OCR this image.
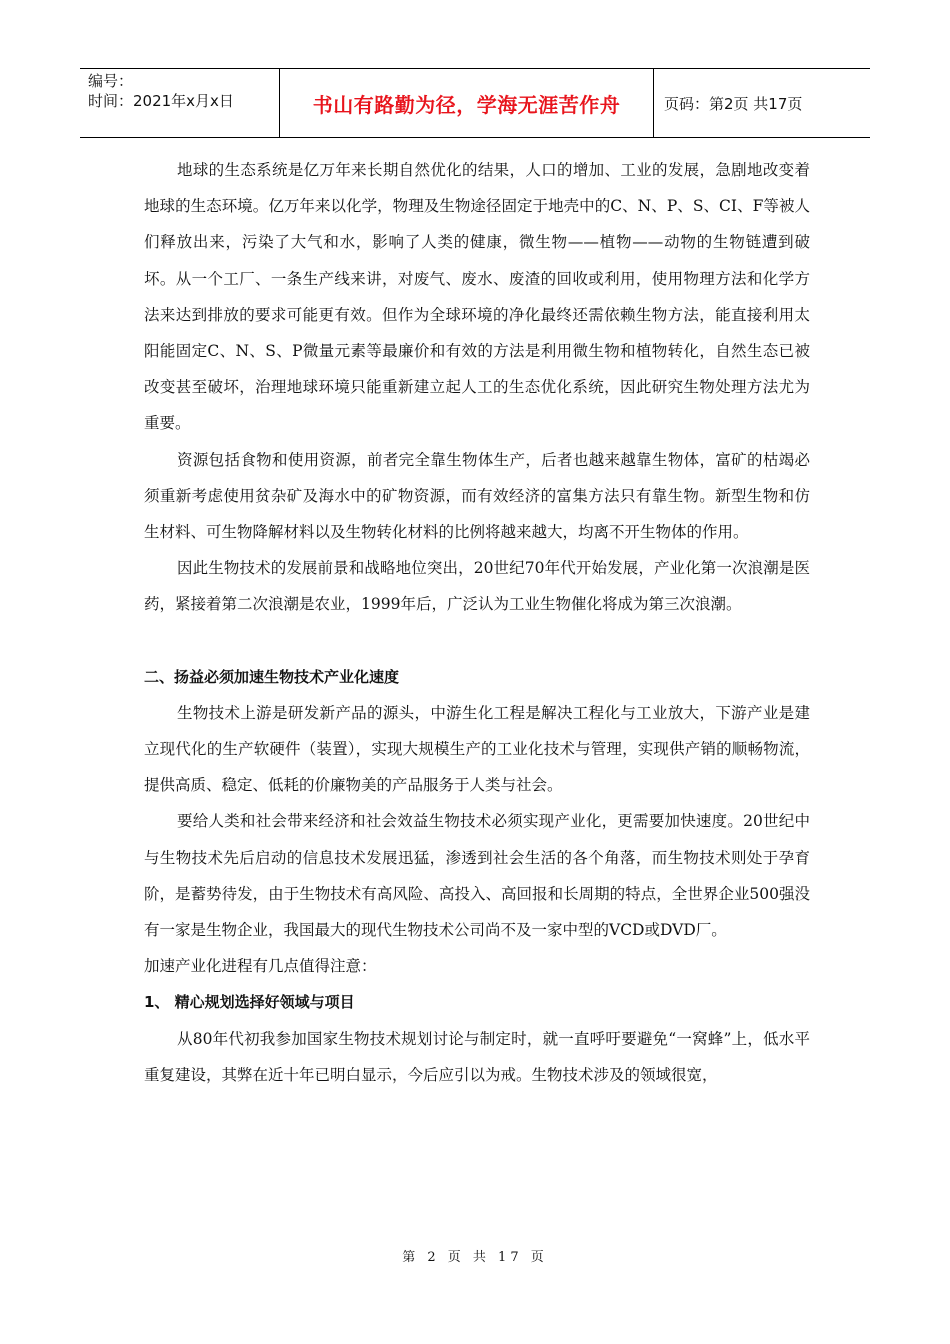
编号：
时间：2021年x月x日	书山有路勤为径，学海无涯苦作舟	页码：第2页 共17页

地球的生态系统是亿万年来长期自然优化的结果，人口的增加、工业的发展，急剧地改变着地球的生态环境。亿万年来以化学，物理及生物途径固定于地壳中的C、N、P、S、CI、F等被人们释放出来，污染了大气和水，影响了人类的健康，微生物——植物——动物的生物链遭到破坏。从一个工厂、一条生产线来讲，对废气、废水、废渣的回收或利用，使用物理方法和化学方法来达到排放的要求可能更有效。但作为全球环境的净化最终还需依赖生物方法，能直接利用太阳能固定C、N、S、P微量元素等最廉价和有效的方法是利用微生物和植物转化，自然生态已被改变甚至破坏，治理地球环境只能重新建立起人工的生态优化系统，因此研究生物处理方法尤为重要。

资源包括食物和使用资源，前者完全靠生物体生产，后者也越来越靠生物体，富矿的枯竭必须重新考虑使用贫杂矿及海水中的矿物资源，而有效经济的富集方法只有靠生物。新型生物和仿生材料、可生物降解材料以及生物转化材料的比例将越来越大，均离不开生物体的作用。

因此生物技术的发展前景和战略地位突出，20世纪70年代开始发展，产业化第一次浪潮是医药，紧接着第二次浪潮是农业，1999年后，广泛认为工业生物催化将成为第三次浪潮。

二、扬益必须加速生物技术产业化速度

生物技术上游是研发新产品的源头，中游生化工程是解决工程化与工业放大，下游产业是建立现代化的生产软硬件（装置），实现大规模生产的工业化技术与管理，实现供产销的顺畅物流，提供高质、稳定、低耗的价廉物美的产品服务于人类与社会。

要给人类和社会带来经济和社会效益生物技术必须实现产业化，更需要加快速度。20世纪中与生物技术先后启动的信息技术发展迅猛，渗透到社会生活的各个角落，而生物技术则处于孕育阶，是蓄势待发，由于生物技术有高风险、高投入、高回报和长周期的特点，全世界企业500强没有一家是生物企业，我国最大的现代生物技术公司尚不及一家中型的VCD或DVD厂。

加速产业化进程有几点值得注意：

1、 精心规划选择好领域与项目

从80年代初我参加国家生物技术规划讨论与制定时，就一直呼吁要避免“一窝蜂”上，低水平重复建设，其弊在近十年已明白显示，今后应引以为戒。生物技术涉及的领域很宽，

第 2 页 共 17 页
